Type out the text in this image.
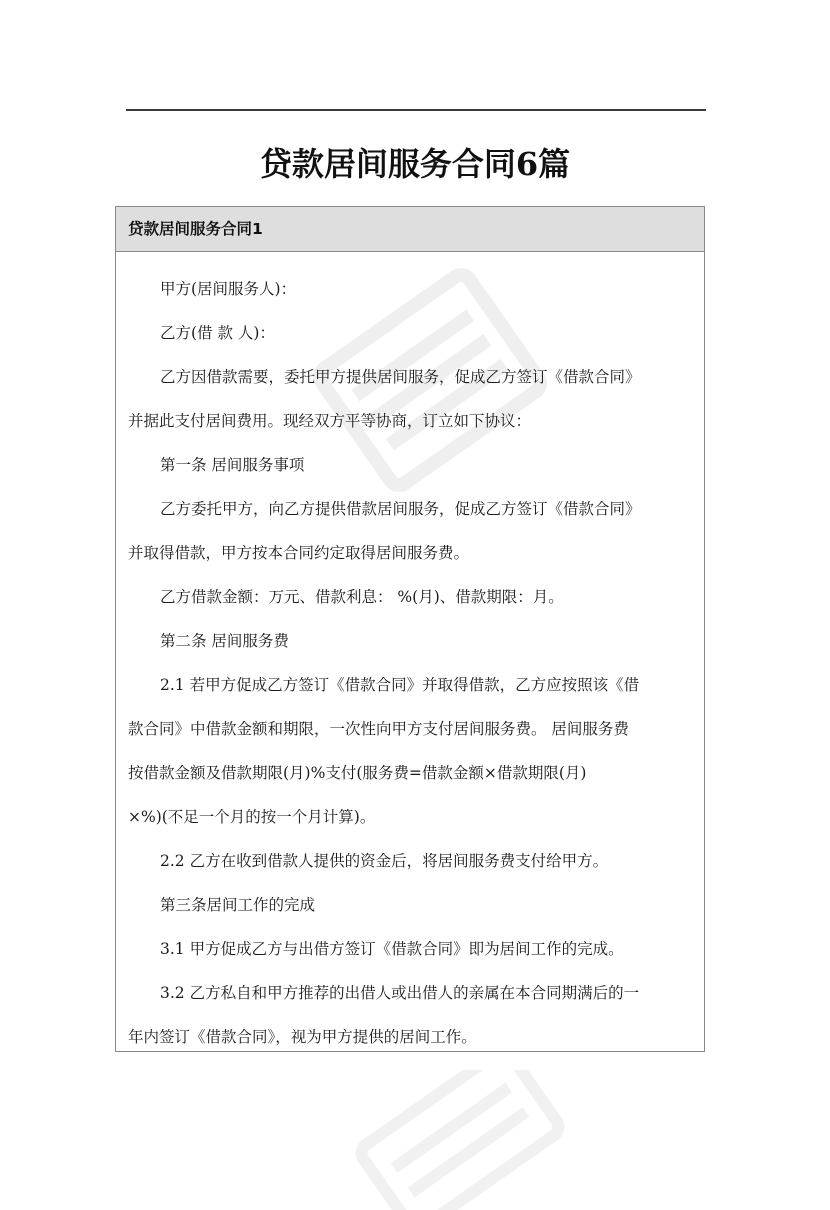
贷款居间服务合同6篇
贷款居间服务合同1
甲方(居间服务人)：
乙方(借 款 人)：
乙方因借款需要，委托甲方提供居间服务，促成乙方签订《借款合同》
并据此支付居间费用。现经双方平等协商，订立如下协议：
第一条 居间服务事项
乙方委托甲方，向乙方提供借款居间服务，促成乙方签订《借款合同》
并取得借款，甲方按本合同约定取得居间服务费。
乙方借款金额：万元、借款利息： %(月)、借款期限：月。
第二条 居间服务费
2.1 若甲方促成乙方签订《借款合同》并取得借款，乙方应按照该《借
款合同》中借款金额和期限，一次性向甲方支付居间服务费。 居间服务费
按借款金额及借款期限(月)%支付(服务费=借款金额×借款期限(月)
×%)(不足一个月的按一个月计算)。
2.2 乙方在收到借款人提供的资金后，将居间服务费支付给甲方。
第三条居间工作的完成
3.1 甲方促成乙方与出借方签订《借款合同》即为居间工作的完成。
3.2 乙方私自和甲方推荐的出借人或出借人的亲属在本合同期满后的一
年内签订《借款合同》，视为甲方提供的居间工作。
